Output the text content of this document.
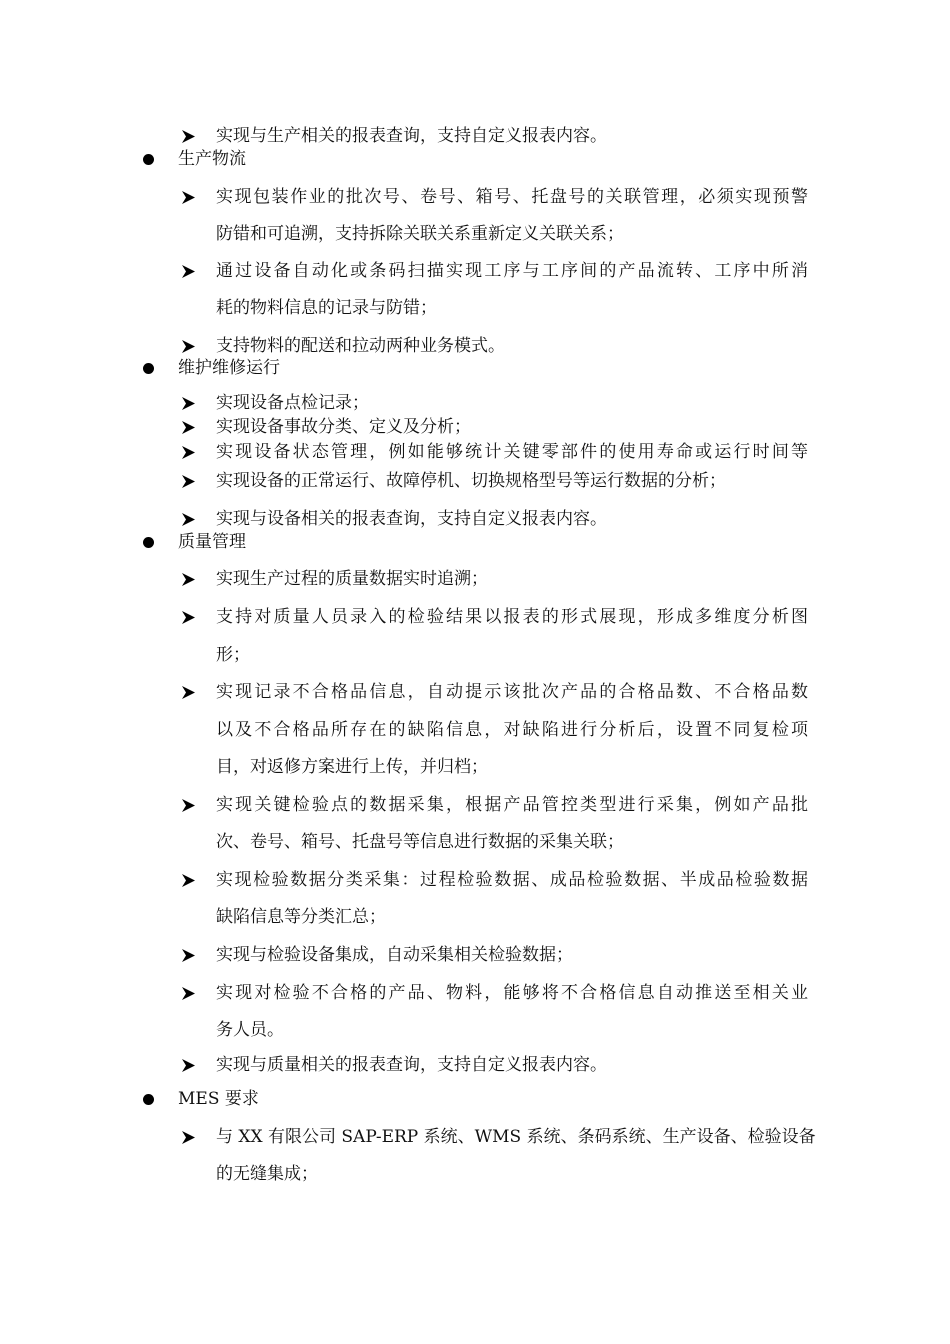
实现与生产相关的报表查询，支持自定义报表内容。
生产物流
实现包装作业的批次号、卷号、箱号、托盘号的关联管理，必须实现预警
防错和可追溯，支持拆除关联关系重新定义关联关系；
通过设备自动化或条码扫描实现工序与工序间的产品流转、工序中所消
耗的物料信息的记录与防错；
支持物料的配送和拉动两种业务模式。
维护维修运行
实现设备点检记录；
实现设备事故分类、定义及分析；
实现设备状态管理，例如能够统计关键零部件的使用寿命或运行时间等
实现设备的正常运行、故障停机、切换规格型号等运行数据的分析；
实现与设备相关的报表查询，支持自定义报表内容。
质量管理
实现生产过程的质量数据实时追溯；
支持对质量人员录入的检验结果以报表的形式展现，形成多维度分析图
形；
实现记录不合格品信息，自动提示该批次产品的合格品数、不合格品数
以及不合格品所存在的缺陷信息，对缺陷进行分析后，设置不同复检项
目，对返修方案进行上传，并归档；
实现关键检验点的数据采集，根据产品管控类型进行采集，例如产品批
次、卷号、箱号、托盘号等信息进行数据的采集关联；
实现检验数据分类采集：过程检验数据、成品检验数据、半成品检验数据
缺陷信息等分类汇总；
实现与检验设备集成，自动采集相关检验数据；
实现对检验不合格的产品、物料，能够将不合格信息自动推送至相关业
务人员。
实现与质量相关的报表查询，支持自定义报表内容。
MES 要求
与 XX 有限公司 SAP-ERP 系统、WMS 系统、条码系统、生产设备、检验设备
的无缝集成；
